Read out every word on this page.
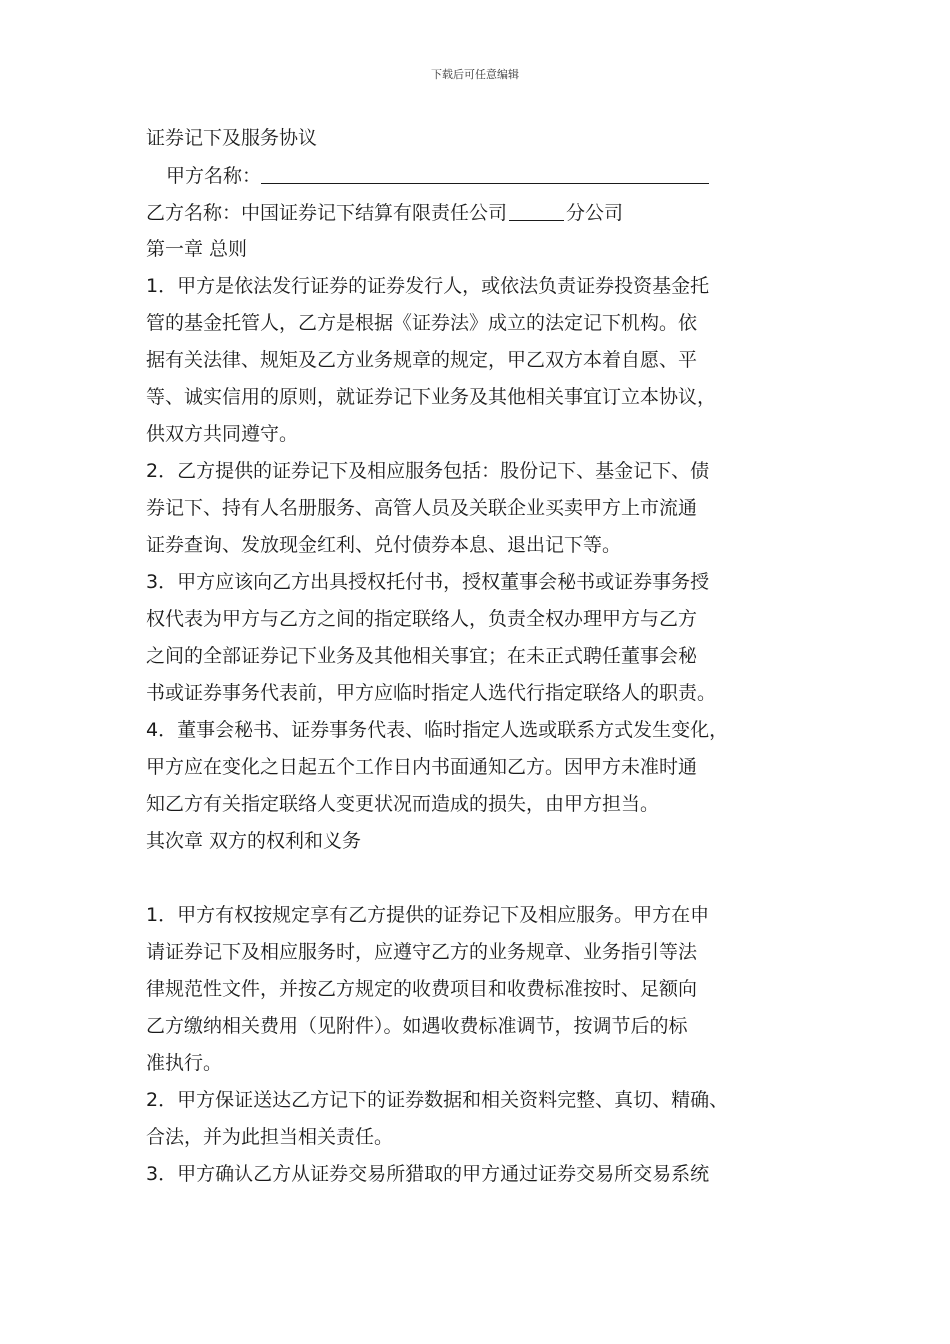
下载后可任意编辑
证券记下及服务协议
甲方名称：
乙方名称：中国证券记下结算有限责任公司	分公司
第一章 总则
1．甲方是依法发行证券的证券发行人，或依法负责证券投资基金托
管的基金托管人，乙方是根据《证券法》成立的法定记下机构。依
据有关法律、规矩及乙方业务规章的规定，甲乙双方本着自愿、平
等、诚实信用的原则，就证券记下业务及其他相关事宜订立本协议，
供双方共同遵守。
2．乙方提供的证券记下及相应服务包括：股份记下、基金记下、债
券记下、持有人名册服务、高管人员及关联企业买卖甲方上市流通
证券查询、发放现金红利、兑付债券本息、退出记下等。
3．甲方应该向乙方出具授权托付书，授权董事会秘书或证券事务授
权代表为甲方与乙方之间的指定联络人，负责全权办理甲方与乙方
之间的全部证券记下业务及其他相关事宜；在未正式聘任董事会秘
书或证券事务代表前，甲方应临时指定人选代行指定联络人的职责。
4．董事会秘书、证券事务代表、临时指定人选或联系方式发生变化，
甲方应在变化之日起五个工作日内书面通知乙方。因甲方未准时通
知乙方有关指定联络人变更状况而造成的损失，由甲方担当。
其次章 双方的权利和义务
1．甲方有权按规定享有乙方提供的证券记下及相应服务。甲方在申
请证券记下及相应服务时，应遵守乙方的业务规章、业务指引等法
律规范性文件，并按乙方规定的收费项目和收费标准按时、足额向
乙方缴纳相关费用（见附件）。如遇收费标准调节，按调节后的标
准执行。
2．甲方保证送达乙方记下的证券数据和相关资料完整、真切、精确、
合法，并为此担当相关责任。
3．甲方确认乙方从证券交易所猎取的甲方通过证券交易所交易系统
